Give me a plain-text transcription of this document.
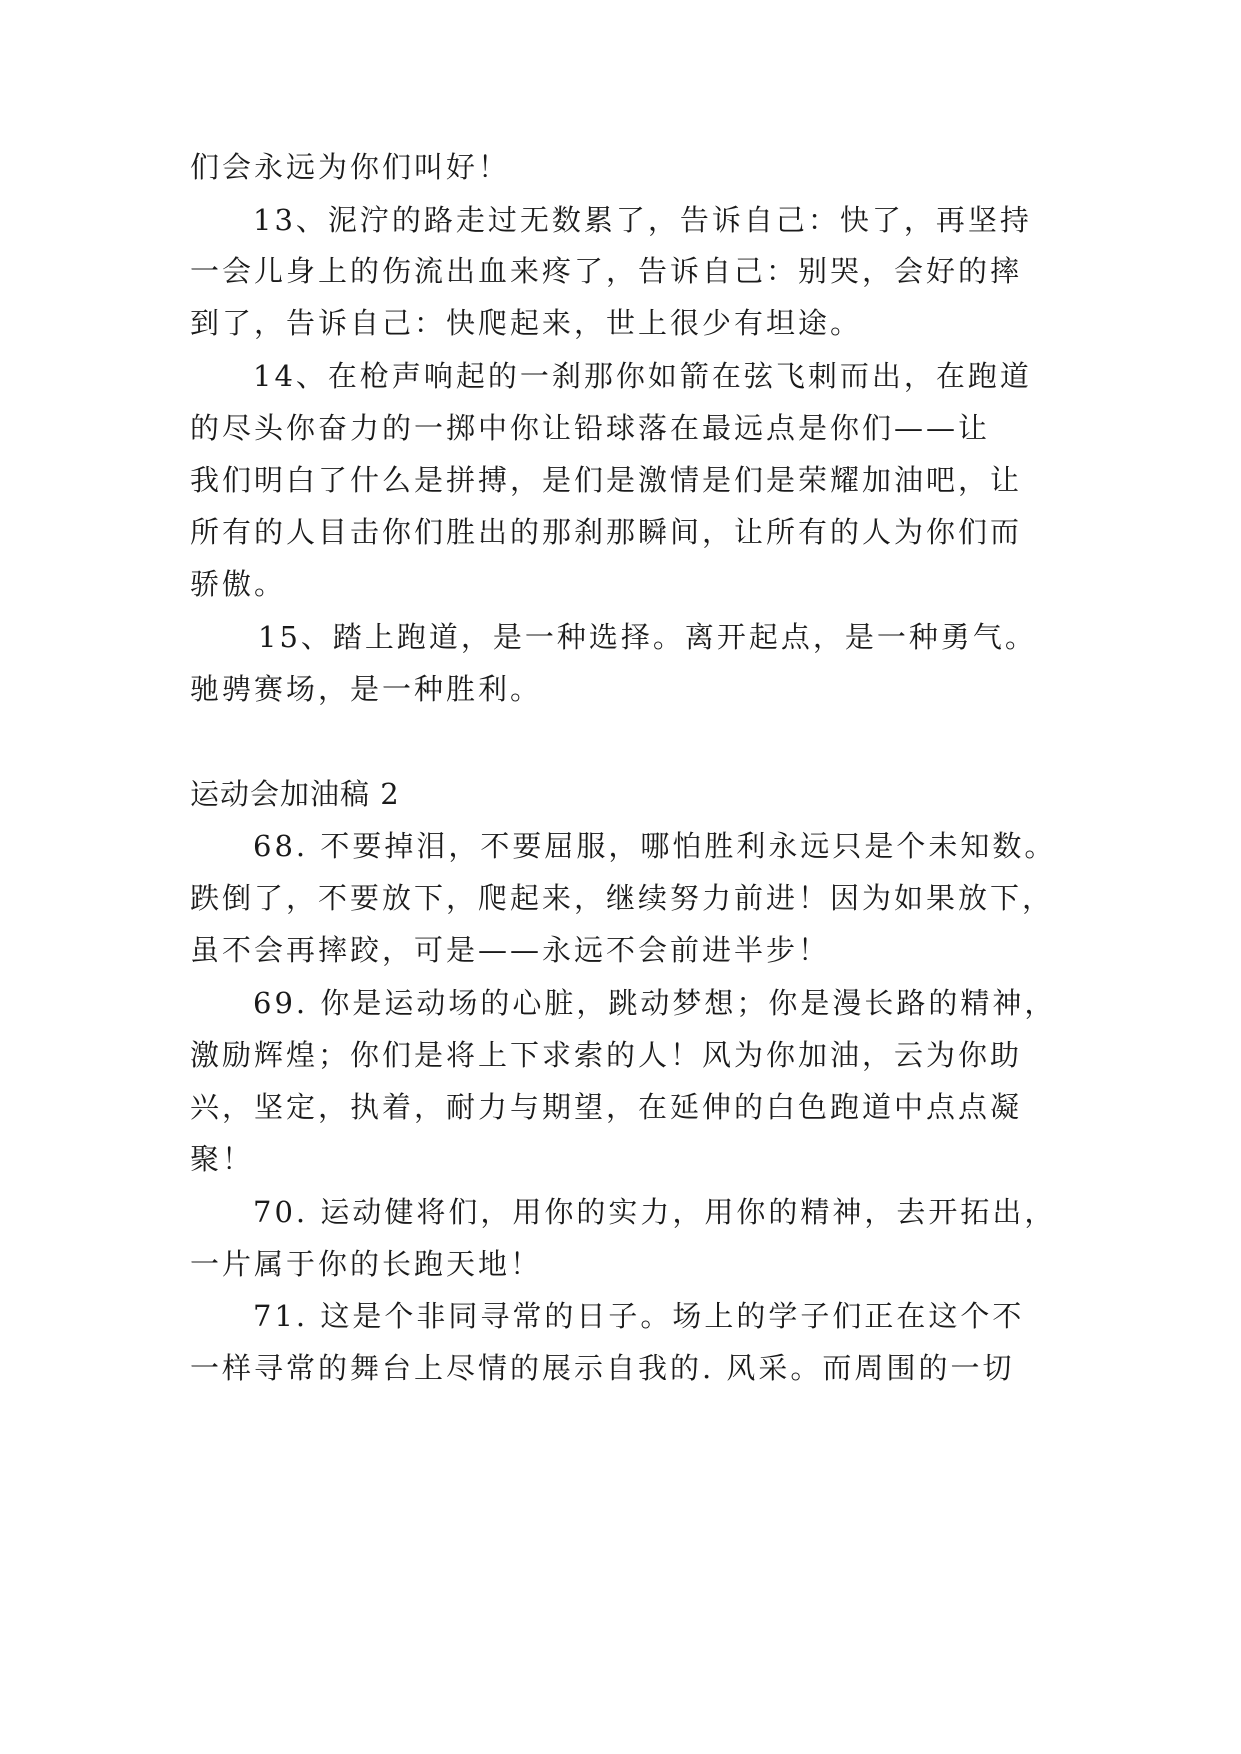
们会永远为你们叫好！
13、泥泞的路走过无数累了，告诉自己：快了，再坚持
一会儿身上的伤流出血来疼了，告诉自己：别哭，会好的摔
到了，告诉自己：快爬起来，世上很少有坦途。
14、在枪声响起的一刹那你如箭在弦飞刺而出，在跑道
的尽头你奋力的一掷中你让铅球落在最远点是你们——让
我们明白了什么是拼搏，是们是激情是们是荣耀加油吧，让
所有的人目击你们胜出的那刹那瞬间，让所有的人为你们而
骄傲。
15、踏上跑道，是一种选择。离开起点，是一种勇气。
驰骋赛场，是一种胜利。
运动会加油稿 2
68. 不要掉泪，不要屈服，哪怕胜利永远只是个未知数。
跌倒了，不要放下，爬起来，继续努力前进！因为如果放下，
虽不会再摔跤，可是——永远不会前进半步！
69. 你是运动场的心脏，跳动梦想；你是漫长路的精神，
激励辉煌；你们是将上下求索的人！风为你加油，云为你助
兴，坚定，执着，耐力与期望，在延伸的白色跑道中点点凝
聚！
70. 运动健将们，用你的实力，用你的精神，去开拓出，
一片属于你的长跑天地！
71. 这是个非同寻常的日子。场上的学子们正在这个不
一样寻常的舞台上尽情的展示自我的. 风采。而周围的一切
